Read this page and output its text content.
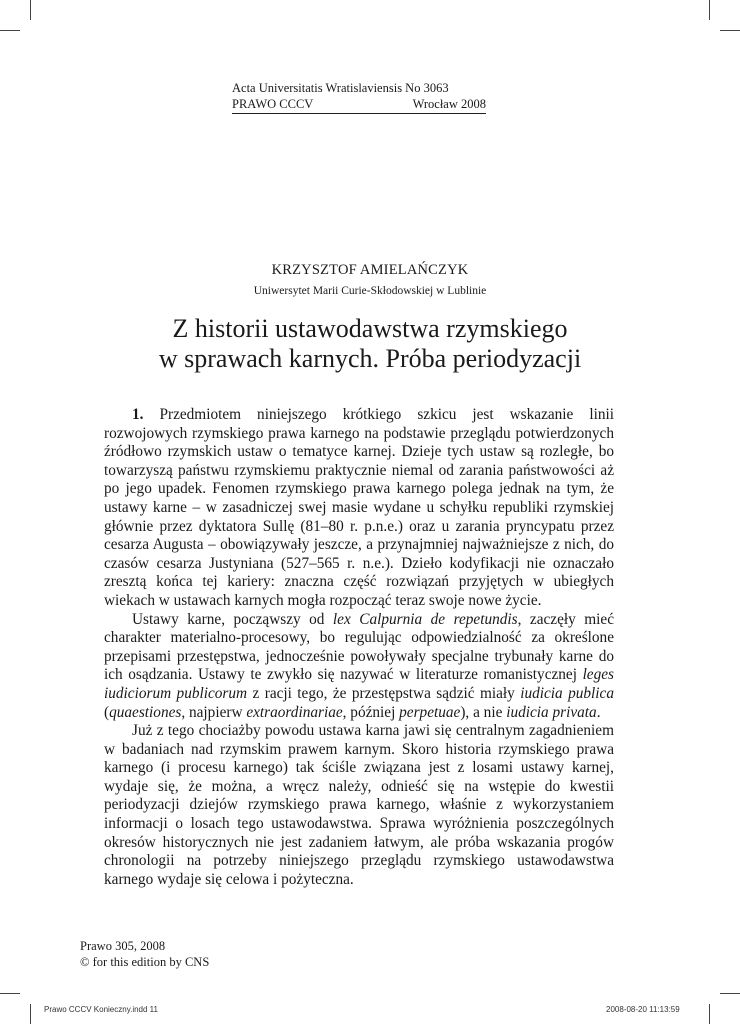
Acta Universitatis Wratislaviensis No 3063
PRAWO CCCV	Wrocław 2008
KRZYSZTOF AMIELAŃCZYK
Uniwersytet Marii Curie-Skłodowskiej w Lublinie
Z historii ustawodawstwa rzymskiego
w sprawach karnych. Próba periodyzacji

1. Przedmiotem niniejszego krótkiego szkicu jest wskazanie linii rozwojowych rzymskiego prawa karnego na podstawie przeglądu potwierdzonych źródłowo rzymskich ustaw o tematyce karnej. Dzieje tych ustaw są rozległe, bo towarzyszą państwu rzymskiemu praktycznie niemal od zarania państwowości aż po jego upadek. Fenomen rzymskiego prawa karnego polega jednak na tym, że ustawy karne – w zasadniczej swej masie wydane u schyłku republiki rzymskiej głównie przez dyktatora Sullę (81–80 r. p.n.e.) oraz u zarania pryncypatu przez cesarza Augusta – obowiązywały jeszcze, a przynajmniej najważniejsze z nich, do czasów cesarza Justyniana (527–565 r. n.e.). Dzieło kodyfikacji nie oznaczało zresztą końca tej kariery: znaczna część rozwiązań przyjętych w ubiegłych wiekach w ustawach karnych mogła rozpocząć teraz swoje nowe życie.

Ustawy karne, począwszy od lex Calpurnia de repetundis, zaczęły mieć charakter materialno-procesowy, bo regulując odpowiedzialność za określone przepisami przestępstwa, jednocześnie powoływały specjalne trybunały karne do ich osądzania. Ustawy te zwykło się nazywać w literaturze romanistycznej leges iudiciorum publicorum z racji tego, że przestępstwa sądzić miały iudicia publica (quaestiones, najpierw extraordinariae, później perpetuae), a nie iudicia privata.

Już z tego chociażby powodu ustawa karna jawi się centralnym zagadnieniem w badaniach nad rzymskim prawem karnym. Skoro historia rzymskiego prawa karnego (i procesu karnego) tak ściśle związana jest z losami ustawy karnej, wydaje się, że można, a wręcz należy, odnieść się na wstępie do kwestii periodyzacji dziejów rzymskiego prawa karnego, właśnie z wykorzystaniem informacji o losach tego ustawodawstwa. Sprawa wyróżnienia poszczególnych okresów historycznych nie jest zadaniem łatwym, ale próba wskazania progów chronologii na potrzeby niniejszego przeglądu rzymskiego ustawodawstwa karnego wydaje się celowa i pożyteczna.

Prawo 305, 2008
© for this edition by CNS
Prawo CCCV Konieczny.indd 11	2008-08-20 11:13:59
